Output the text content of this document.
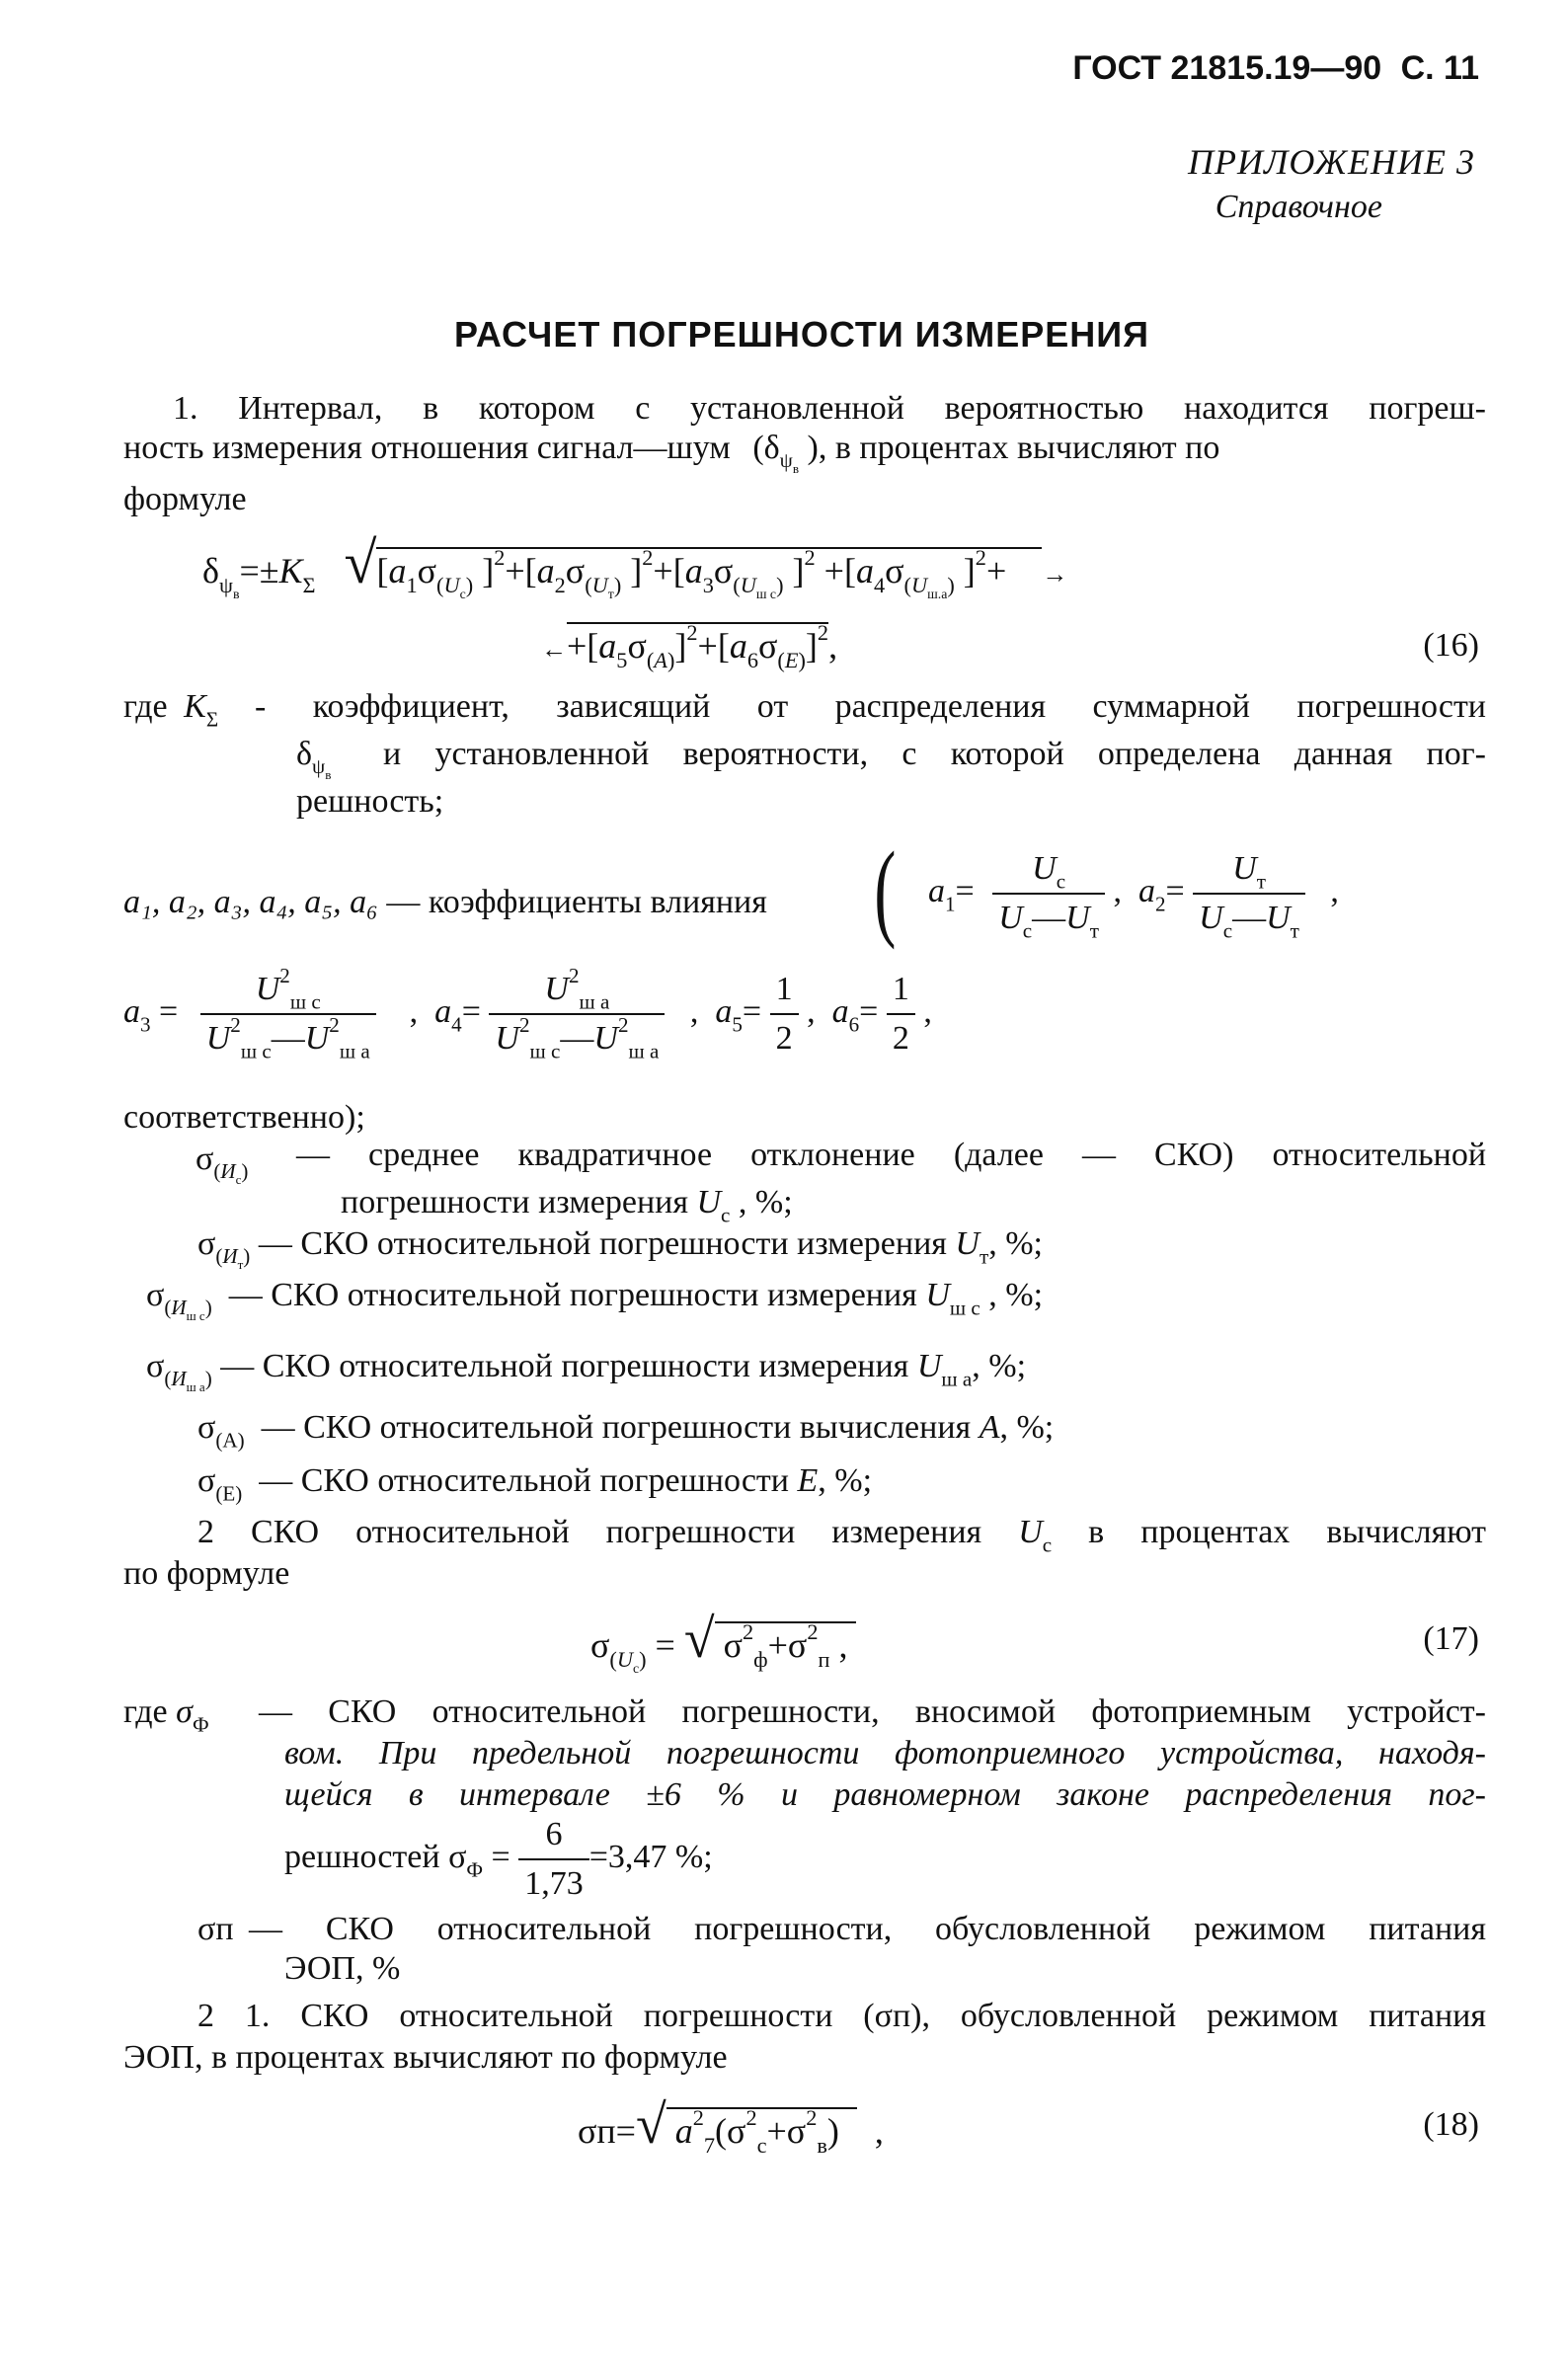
ГОСТ 21815.19—90 С. 11
ПРИЛОЖЕНИЕ 3
Справочное
РАСЧЕТ ПОГРЕШНОСТИ ИЗМЕРЕНИЯ
1. Интервал, в котором с установленной вероятностью находится погреш-
ность измерения отношения сигнал—шум ($\delta_{\psi_в}$ ), в процентах вычисляют по
формуле
$\delta_{\psi_в}=\pm K_\Sigma$ $√[a_1\sigma_{(U_c)}$ ]$^2+[a_2\sigma_{(U_т)}$ ]$^2+[a_3\sigma_{(U_{ш с})}$ ]$^2 +[a_4\sigma_{(U_{ш.а})}$ ]$^2$+    →
$\leftarrow+[a_5\sigma_{(A)}]^2+[a_6\sigma_{(E)}]^2$,	(16)
где $K_\Sigma$ - коэффициент, зависящий от распределения суммарной погрешности
$\delta_{\psi_в}$
и установленной вероятности, с которой определена данная пог-
решность;
a₁, a₂, a₃, a₄, a₅, a₆ — коэффициенты влияния ( $a_1= \frac{U_с}{U_с—U_т}$ ,  $a_2= \frac{U_т}{U_с—U_т}$ ,
$a_3 = \frac{U^2_{ш с}}{U^2_{ш с}—U^2_{ш а}}$ ,  $a_4= \frac{U^2_{ш а}}{U^2_{ш с}—U^2_{ш а}}$ ,  $a_5= \frac{1}{2}$ ,  $a_6= \frac{1}{2}$ ,
соответственно);
$\sigma_{(И_с)}$ — среднее квадратичное отклонение (далее — СКО) относительной
погрешности измерения $U_с$ , %;
$\sigma_{(И_т)}$ — СКО относительной погрешности измерения $U_т$, %;
$\sigma_{(И_{ш с})}$ — СКО относительной погрешности измерения $U_{ш с}$ , %;
$\sigma_{(И_{ш а})}$ — СКО относительной погрешности измерения $U_{ш а}$, %;
$\sigma_{(А)}$ — СКО относительной погрешности вычисления A, %;
$\sigma_{(Е)}$ — СКО относительной погрешности E, %;
2 СКО относительной погрешности измерения $U_с$ в процентах вычисляют
по формуле
$\sigma_{(U_с)}$ = √ $\sigma^2_ф+\sigma^2_п$ ,	(17)
где $\sigma_Ф$ — СКО относительной погрешности, вносимой фотоприемным устройст-
вом. При предельной погрешности фотоприемного устройства, находя-
щейся в интервале ±6 % и равномерном законе распределения пог-
решностей $\sigma_Ф = \frac{6}{1,73} =3,47$ %;
σп — СКО относительной погрешности, обусловленной режимом питания
ЭОП, %
2 1. СКО относительной погрешности (σп), обусловленной режимом питания
ЭОП, в процентах вычисляют по формуле
σп=√ $a^2_7(\sigma^2_с+\sigma^2_в)$    ,	(18)
